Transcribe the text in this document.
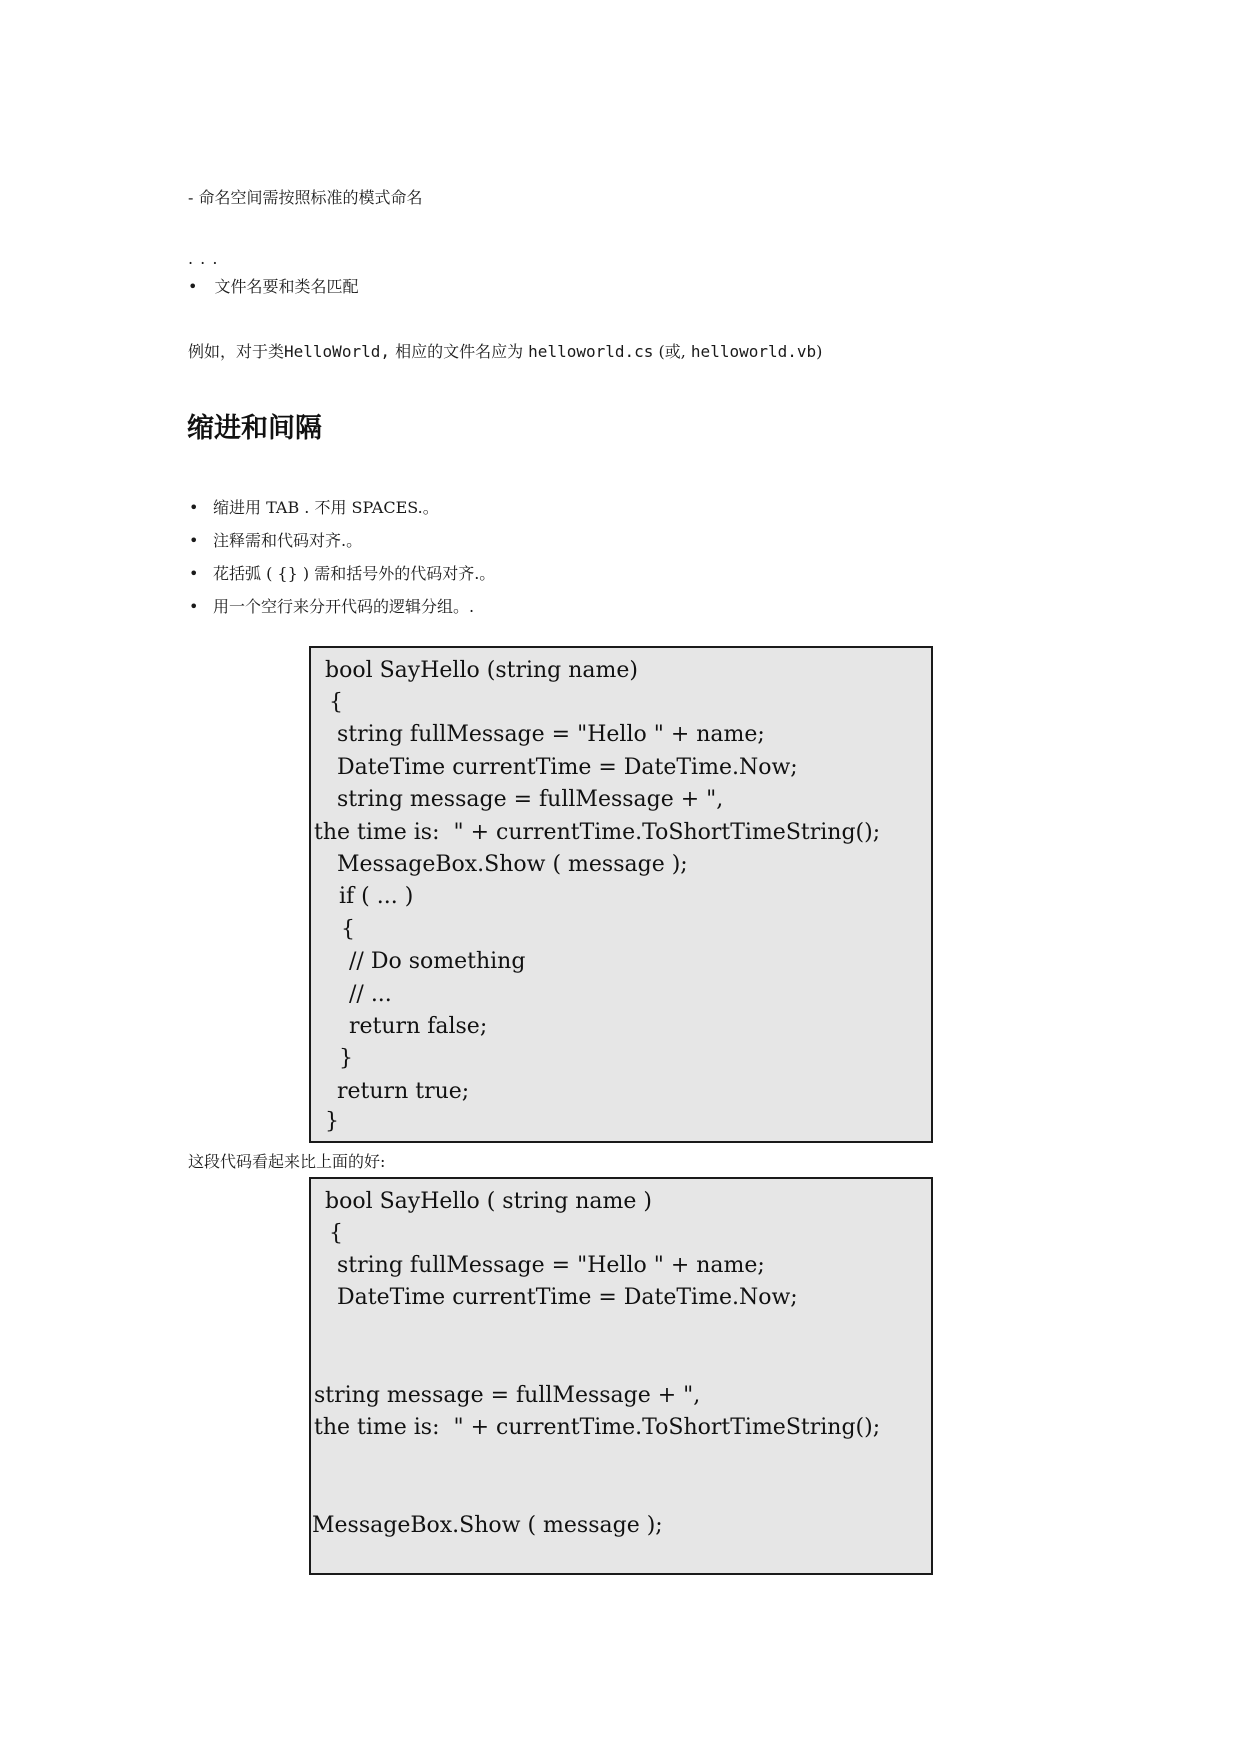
- 命名空间需按照标准的模式命名
. . .
• 文件名要和类名匹配
例如，对于类HelloWorld, 相应的文件名应为 helloworld.cs (或, helloworld.vb)
缩进和间隔
• 缩进用 TAB . 不用 SPACES.。
• 注释需和代码对齐.。
• 花括弧 ( {} ) 需和括号外的代码对齐.。
• 用一个空行来分开代码的逻辑分组。.
bool SayHello (string name)
{
string fullMessage = "Hello " + name;
DateTime currentTime = DateTime.Now;
string message = fullMessage + ",
the time is:  " + currentTime.ToShortTimeString();
MessageBox.Show ( message );
if ( ... )
{
// Do something
// ...
return false;
}
return true;
}
这段代码看起来比上面的好:
bool SayHello ( string name )
{
string fullMessage = "Hello " + name;
DateTime currentTime = DateTime.Now;
string message = fullMessage + ",
the time is:  " + currentTime.ToShortTimeString();
MessageBox.Show ( message );
